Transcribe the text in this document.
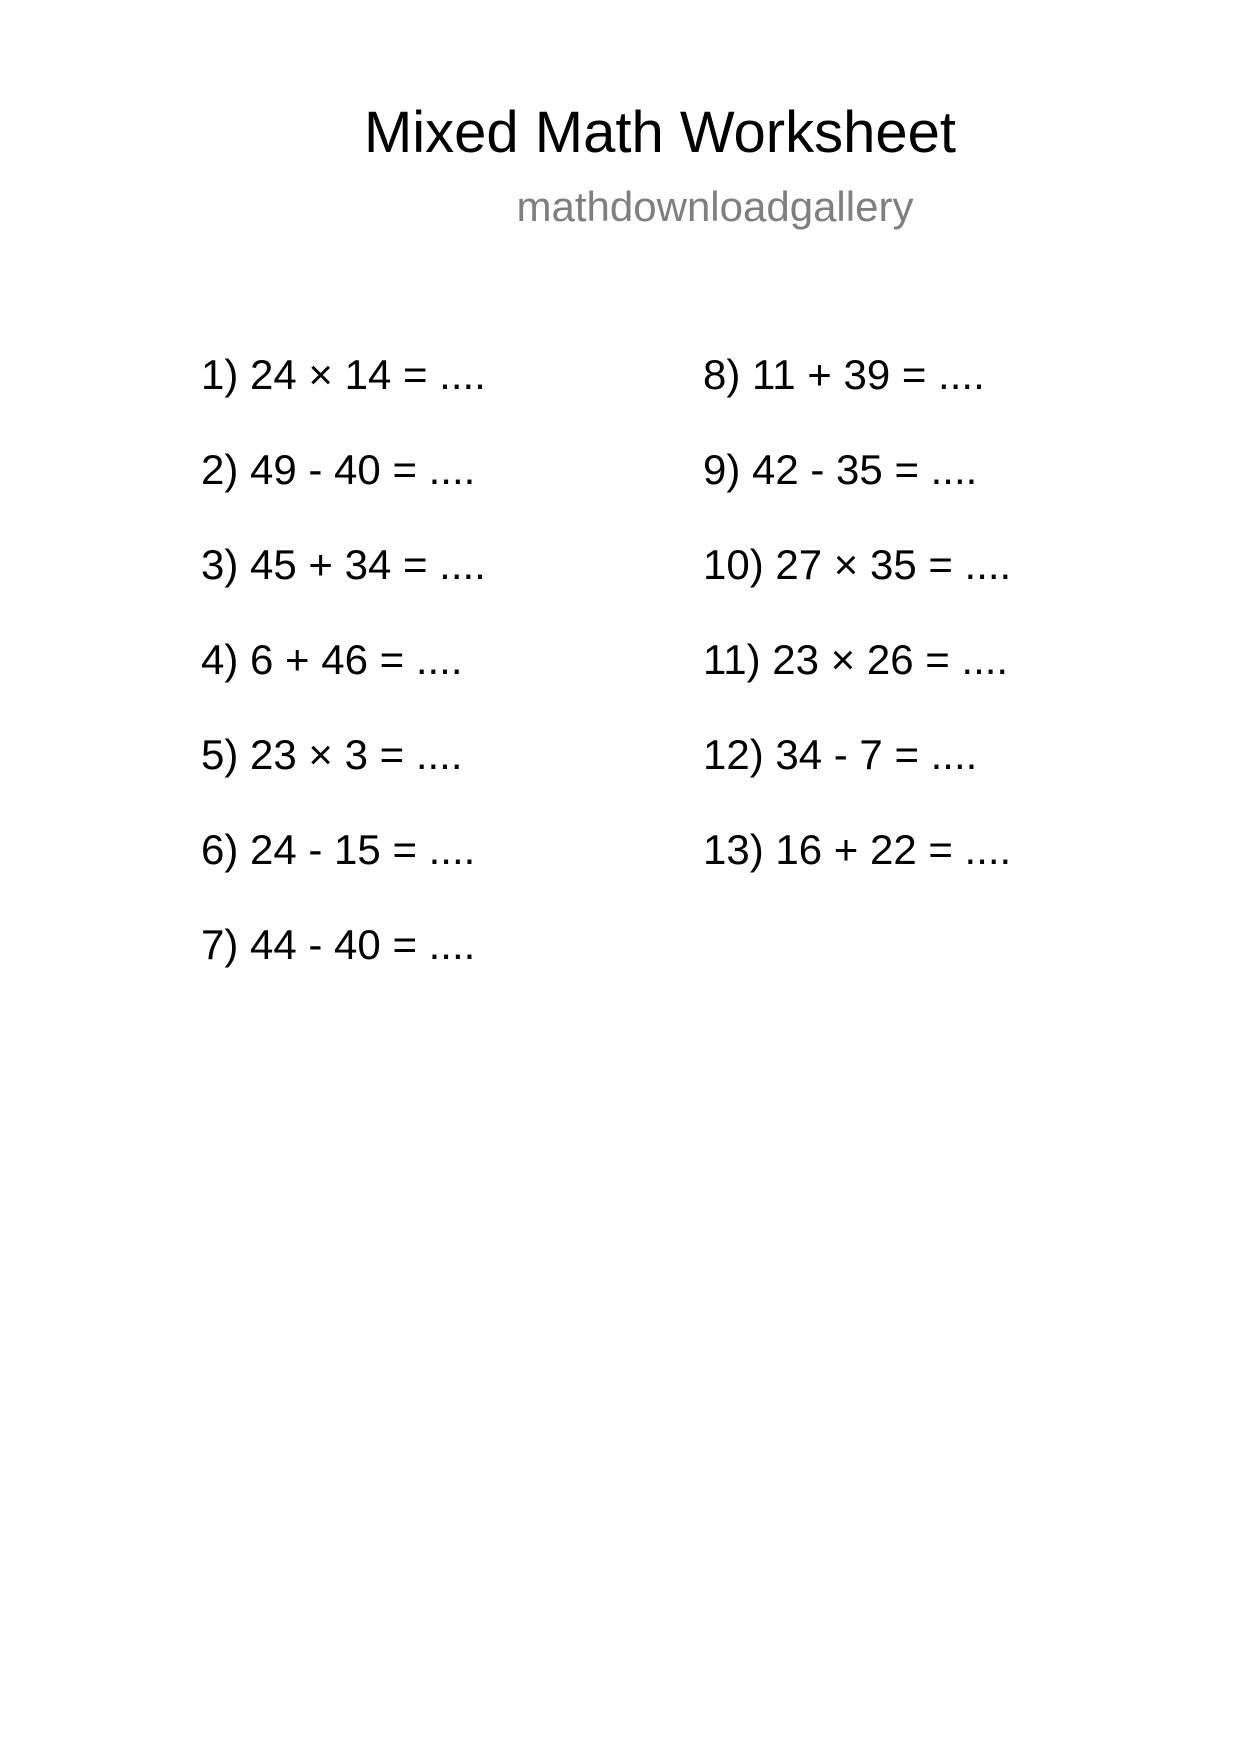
Mixed Math Worksheet
mathdownloadgallery
1) 24 × 14 = ....
2) 49 - 40 = ....
3) 45 + 34 = ....
4) 6 + 46 = ....
5) 23 × 3 = ....
6) 24 - 15 = ....
7) 44 - 40 = ....
8) 11 + 39 = ....
9) 42 - 35 = ....
10) 27 × 35 = ....
11) 23 × 26 = ....
12) 34 - 7 = ....
13) 16 + 22 = ....
